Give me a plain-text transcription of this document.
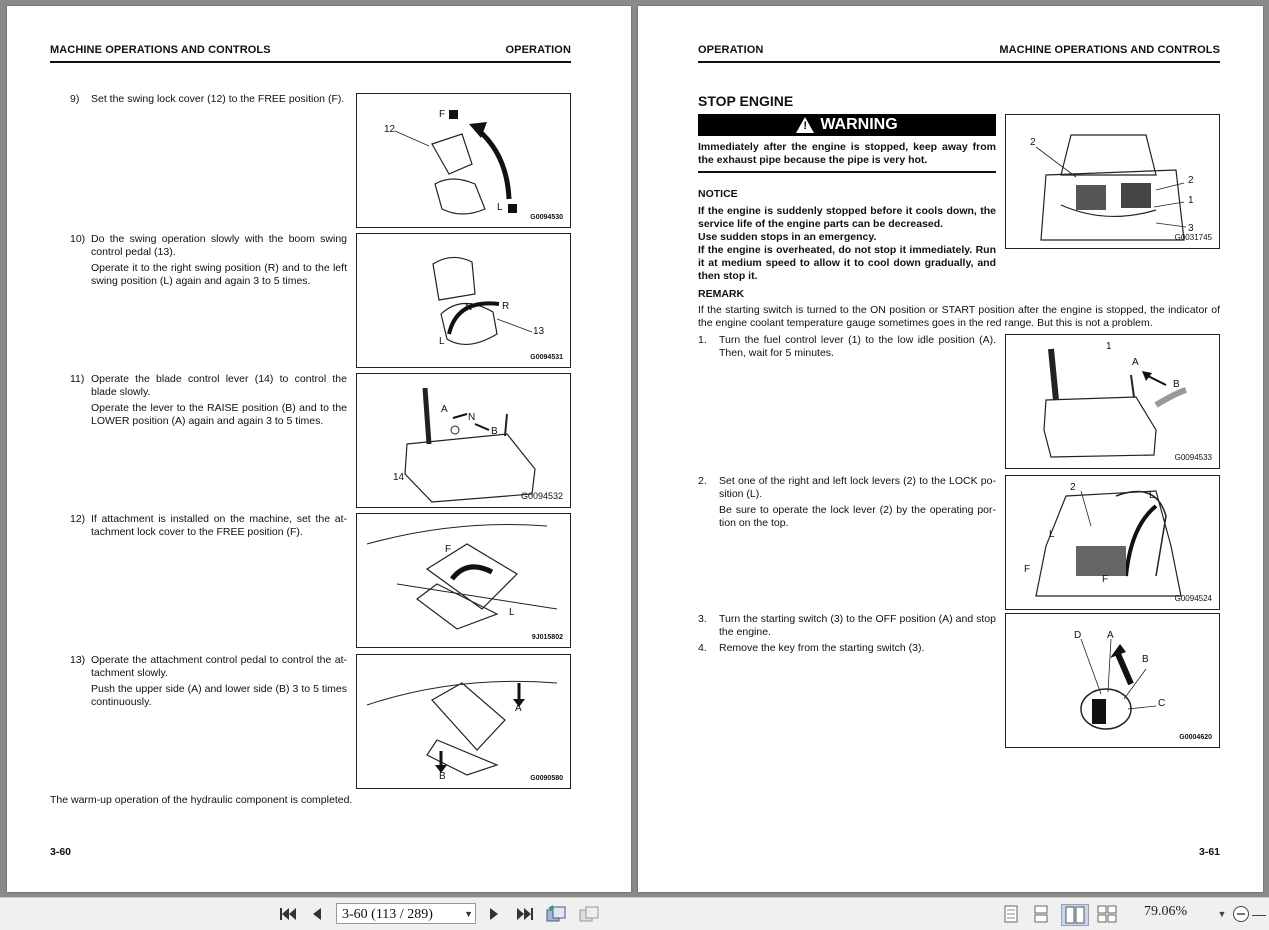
MACHINE OPERATIONS AND CONTROLS	OPERATION
9) Set the swing lock cover (12) to the FREE position (F).

F
12
L
G0094530
10) Do the swing operation slowly with the boom swing control pedal (13).

Operate it to the right swing position (R) and to the left swing position (L) again and again 3 to 5 times.

N	R
L
13
G0094531
11) Operate the blade control lever (14) to control the blade slowly.

Operate the lever to the RAISE position (B) and to the LOWER position (A) again and again 3 to 5 times.

A
N
B
14
G0094532
12) If attachment is installed on the machine, set the at-tachment lock cover to the FREE position (F).

F
L
9J015802
13) Operate the attachment control pedal to control the at-tachment slowly.

Push the upper side (A) and lower side (B) 3 to 5 times continuously.

A
B	G0090580
The warm-up operation of the hydraulic component is completed.
3-60
OPERATION	MACHINE OPERATIONS AND CONTROLS
STOP ENGINE
! WARNING
Immediately after the engine is stopped, keep away from the exhaust pipe because the pipe is very hot.
NOTICE
If the engine is suddenly stopped before it cools down, the service life of the engine parts can be decreased.
Use sudden stops in an emergency.
If the engine is overheated, do not stop it immediately. Run it at medium speed to allow it to cool down gradually, and then stop it.
2
2
1
3
G0031745
REMARK
If the starting switch is turned to the ON position or START position after the engine is stopped, the indicator of the engine coolant temperature gauge sometimes goes in the red range. But this is not a problem.
1. Turn the fuel control lever (1) to the low idle position (A). Then, wait for 5 minutes.

1
A
B
G0094533
2. Set one of the right and left lock levers (2) to the LOCK po-sition (L).

Be sure to operate the lock lever (2) by the operating por-tion on the top.

2
L
F
L
F
G0094524
3. Turn the starting switch (3) to the OFF position (A) and stop the engine.

4. Remove the key from the starting switch (3).

D	A
B
C
G0004620
3-61
3-60 (113 / 289)	▼	79.06%	▼ —
